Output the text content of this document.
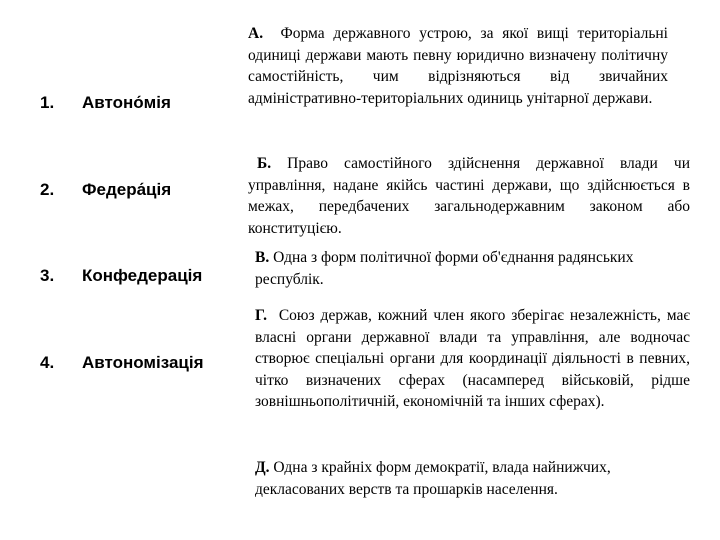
1. Автоно́мія
2. Федера́ція
3. Конфедерація
4. Автономізація
А. Форма державного устрою, за якої вищі територіальні одиниці держави мають певну юридично визначену політичну самостійність, чим відрізняються від звичайних адміністративно-територіальних одиниць унітарної держави.
Б. Право самостійного здійснення державної влади чи управління, надане якійсь частині держави, що здійснюється в межах, передбачених загальнодержавним законом або конституцією.
В. Одна з форм політичної форми об'єднання радянських республік.
Г. Союз держав, кожний член якого зберігає незалежність, має власні органи державної влади та управління, але водночас створює спеціальні органи для координації діяльності в певних, чітко визначених сферах (насамперед військовій, рідше зовнішньополітичній, економічній та інших сферах).
Д. Одна з крайніх форм демократії, влада найнижчих, декласованих верств та прошарків населення.
